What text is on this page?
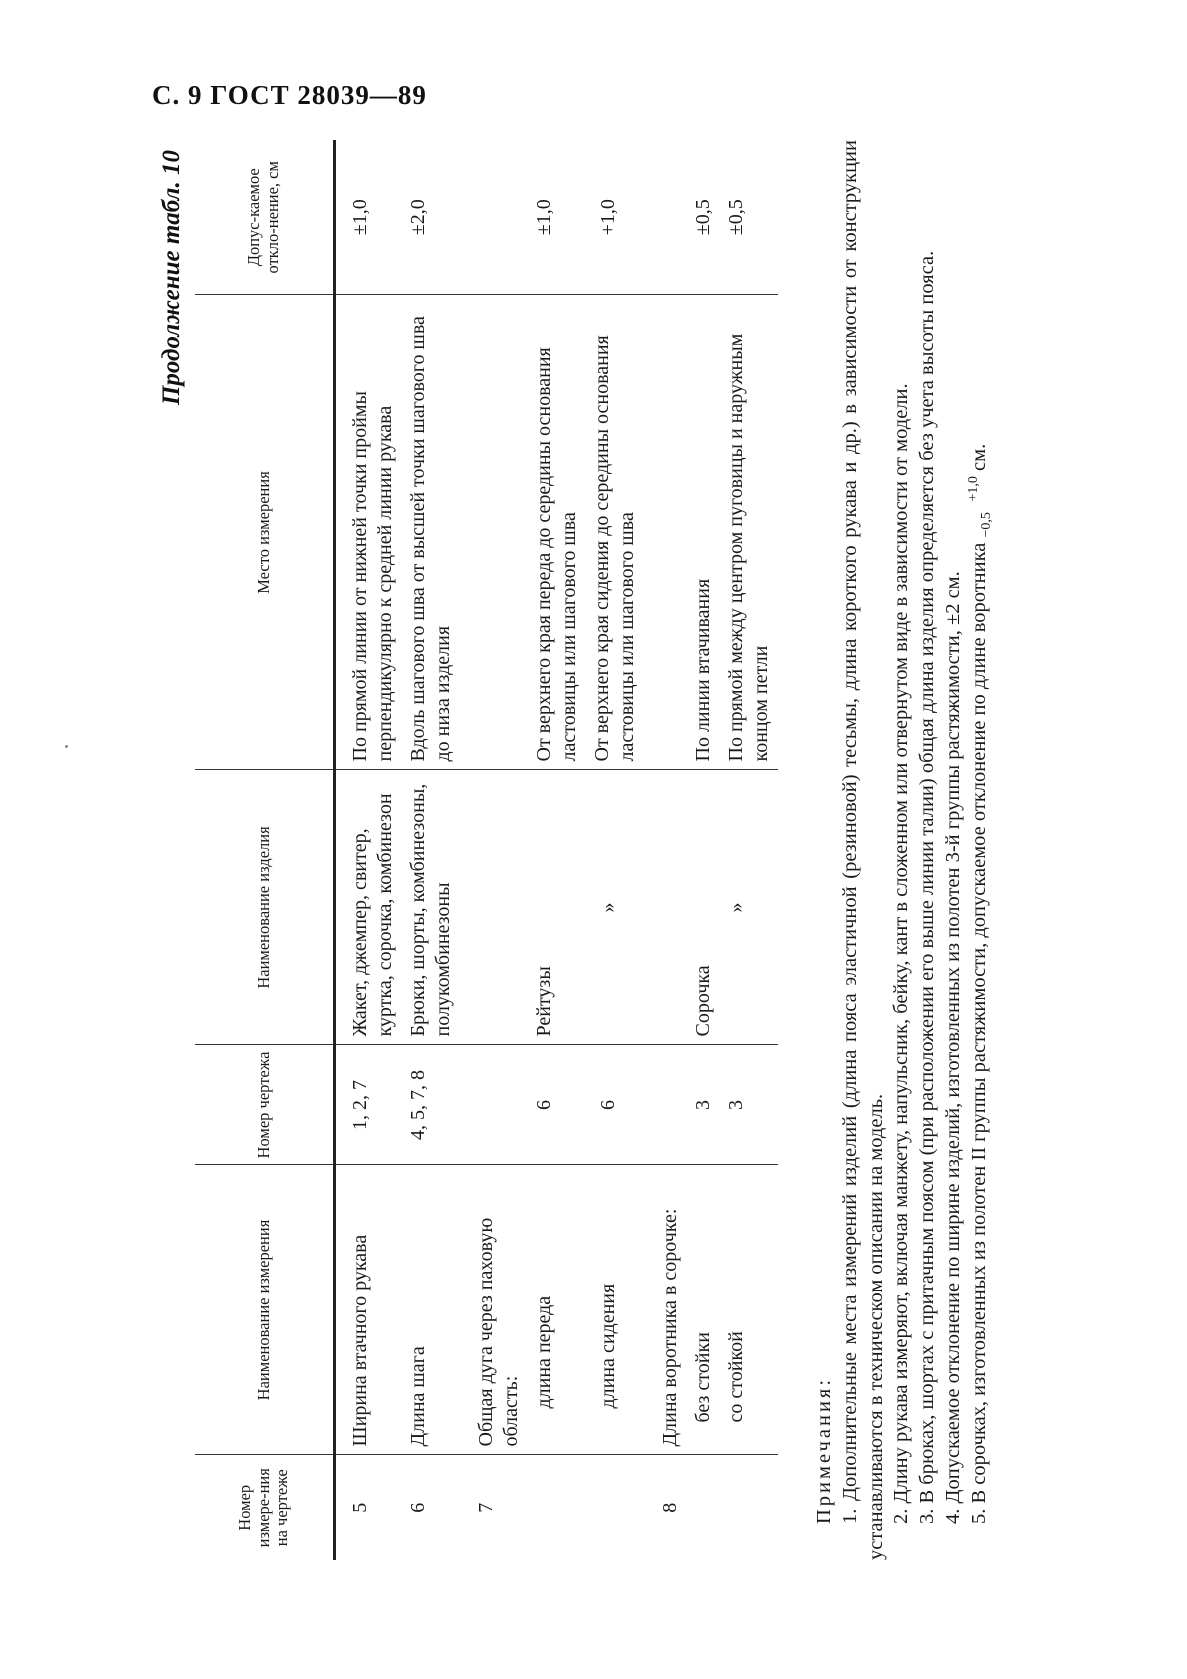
С. 9 ГОСТ 28039—89
Продолжение табл. 10
Номер измере-ния на чертеже	Наименование измерения	Номер чертежа	Наименование изделия	Место измерения	Допус-каемое откло-нение, см
5	Ширина втачного рукава	1, 2, 7	Жакет, джемпер, свитер, куртка, сорочка, комбинезон	По прямой линии от нижней точки проймы перпендикулярно к средней линии рукава	±1,0
6	Длина шага	4, 5, 7, 8	Брюки, шорты, комбинезоны, полукомбинезоны	Вдоль шагового шва от высшей точки шагового шва до низа изделия	±2,0
7	Общая дуга через паховую область:				

	длина переда	6	Рейтузы	От верхнего края переда до середины основания ластовицы или шагового шва	±1,0

	длина сидения	6	»	От верхнего края сидения до середины основания ластовицы или шагового шва	+1,0
8	Длина воротника в сорочке:				

	без стойки	3	Сорочка	По линии втачивания	±0,5

	со стойкой	3	»	По прямой между центром пуговицы и наружным концом петли	±0,5

Примечания: 1. Дополнительные места измерений изделий (длина пояса эластичной (резиновой) тесьмы, длина короткого рукава и др.) в зависимости от конструкции устанавливаются в техническом описании на модель. 2. Длину рукава измеряют, включая манжету, напульсник, бейку, кант в сложенном или отвернутом виде в зависимости от модели. 3. В брюках, шортах с притачным поясом (при расположении его выше линии талии) общая длина изделия определяется без учета высоты пояса. 4. Допускаемое отклонение по ширине изделий, изготовленных из полотен 3-й группы растяжимости, ±2 см. 5. В сорочках, изготовленных из полотен II группы растяжимости, допускаемое отклонение по длине воротника +1,0
−0,5 см.
